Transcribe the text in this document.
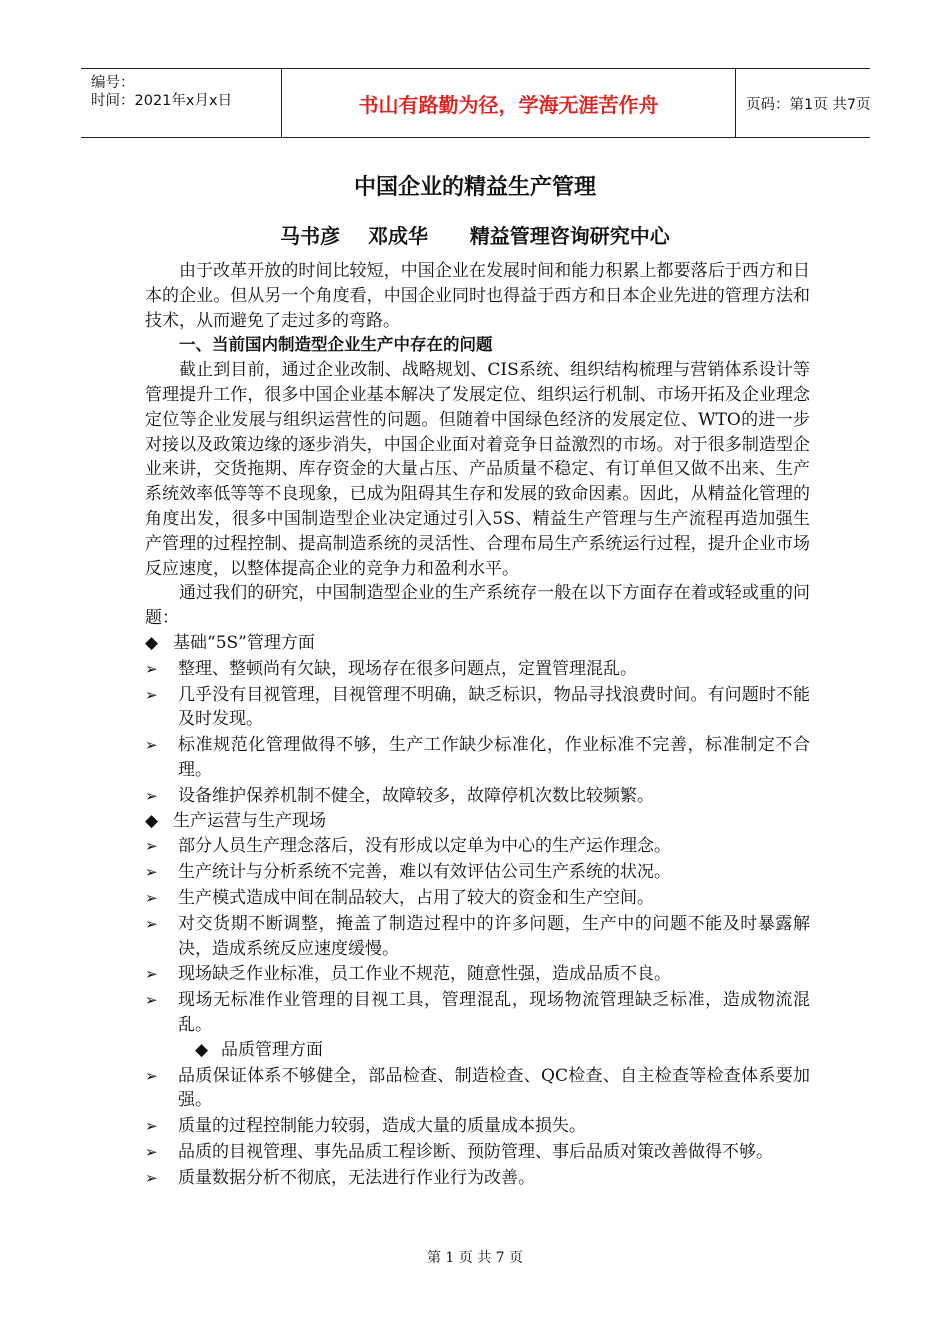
编号：
时间：2021年x月x日	书山有路勤为径，学海无涯苦作舟	页码：第1页 共7页
中国企业的精益生产管理
马书彦    邓成华      精益管理咨询研究中心

由于改革开放的时间比较短，中国企业在发展时间和能力积累上都要落后于西方和日本的企业。但从另一个角度看，中国企业同时也得益于西方和日本企业先进的管理方法和技术，从而避免了走过多的弯路。

一、当前国内制造型企业生产中存在的问题

截止到目前，通过企业改制、战略规划、CIS系统、组织结构梳理与营销体系设计等管理提升工作，很多中国企业基本解决了发展定位、组织运行机制、市场开拓及企业理念定位等企业发展与组织运营性的问题。但随着中国绿色经济的发展定位、WTO的进一步对接以及政策边缘的逐步消失，中国企业面对着竞争日益激烈的市场。对于很多制造型企业来讲，交货拖期、库存资金的大量占压、产品质量不稳定、有订单但又做不出来、生产系统效率低等等不良现象，已成为阻碍其生存和发展的致命因素。因此，从精益化管理的角度出发，很多中国制造型企业决定通过引入5S、精益生产管理与生产流程再造加强生产管理的过程控制、提高制造系统的灵活性、合理布局生产系统运行过程，提升企业市场反应速度，以整体提高企业的竞争力和盈利水平。

通过我们的研究，中国制造型企业的生产系统存一般在以下方面存在着或轻或重的问题：

◆ 基础“5S”管理方面

➢ 整理、整顿尚有欠缺，现场存在很多问题点，定置管理混乱。

➢ 几乎没有目视管理，目视管理不明确，缺乏标识，物品寻找浪费时间。有问题时不能及时发现。

➢ 标准规范化管理做得不够，生产工作缺少标准化，作业标准不完善，标准制定不合理。

➢ 设备维护保养机制不健全，故障较多，故障停机次数比较频繁。

◆ 生产运营与生产现场

➢ 部分人员生产理念落后，没有形成以定单为中心的生产运作理念。

➢ 生产统计与分析系统不完善，难以有效评估公司生产系统的状况。

➢ 生产模式造成中间在制品较大，占用了较大的资金和生产空间。

➢ 对交货期不断调整，掩盖了制造过程中的许多问题，生产中的问题不能及时暴露解决，造成系统反应速度缓慢。

➢ 现场缺乏作业标准，员工作业不规范，随意性强，造成品质不良。

➢ 现场无标准作业管理的目视工具，管理混乱，现场物流管理缺乏标准，造成物流混乱。

◆ 品质管理方面

➢ 品质保证体系不够健全，部品检查、制造检查、QC检查、自主检查等检查体系要加强。

➢ 质量的过程控制能力较弱，造成大量的质量成本损失。

➢ 品质的目视管理、事先品质工程诊断、预防管理、事后品质对策改善做得不够。

➢ 质量数据分析不彻底，无法进行作业行为改善。

第 1 页 共 7 页
